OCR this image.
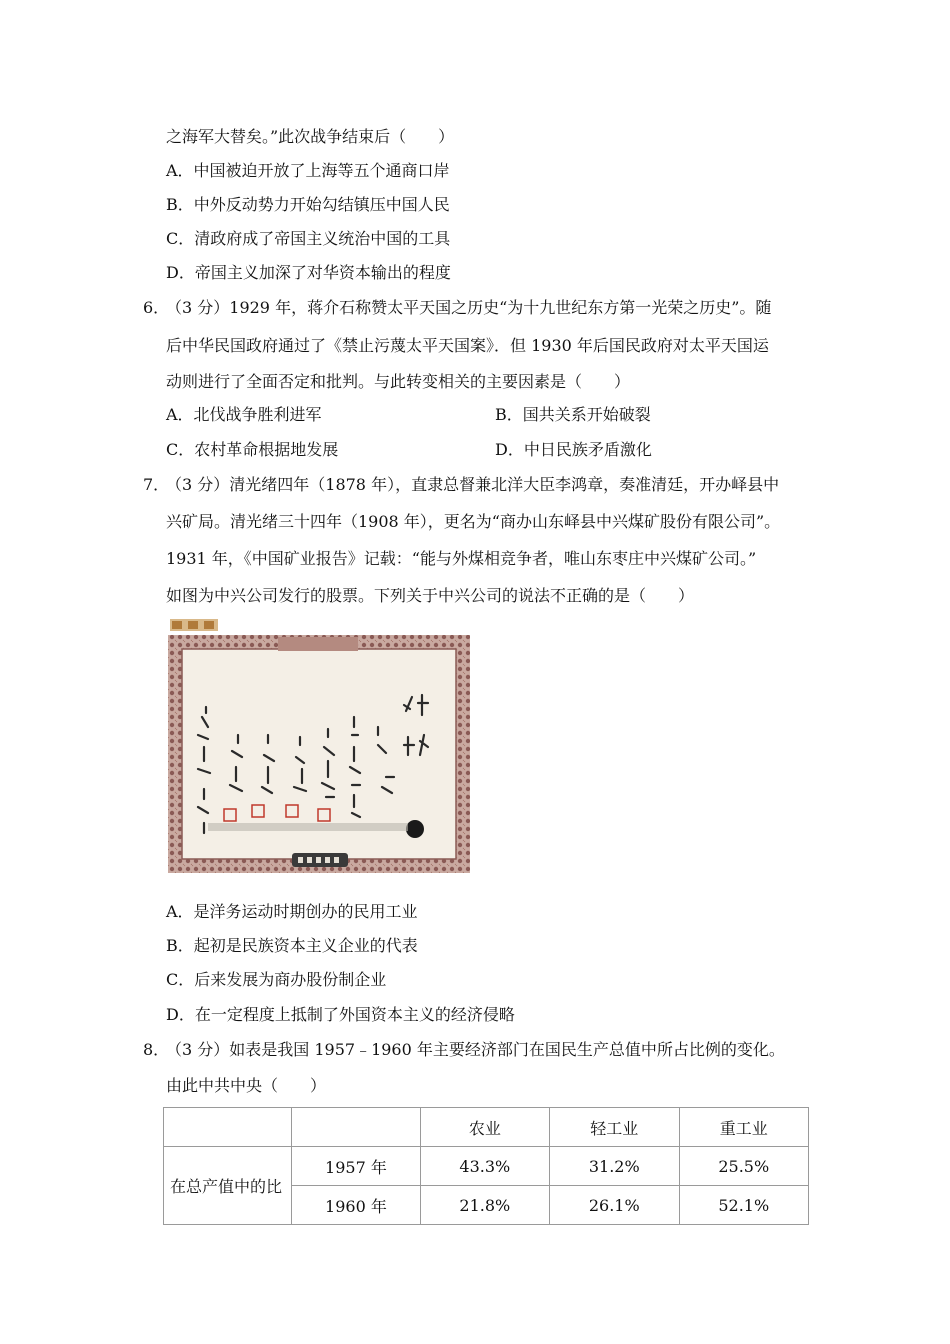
之海军大替矣。”此次战争结束后（　　）
A．中国被迫开放了上海等五个通商口岸
B．中外反动势力开始勾结镇压中国人民
C．清政府成了帝国主义统治中国的工具
D．帝国主义加深了对华资本输出的程度
6．
（3 分）1929 年，蒋介石称赞太平天国之历史“为十九世纪东方第一光荣之历史”。随
后中华民国政府通过了《禁止污蔑太平天国案》．但 1930 年后国民政府对太平天国运
动则进行了全面否定和批判。与此转变相关的主要因素是（　　）
A．北伐战争胜利进军	B．国共关系开始破裂
C．农村革命根据地发展	D．中日民族矛盾激化
7．
（3 分）清光绪四年（1878 年），直隶总督兼北洋大臣李鸿章，奏准清廷，开办峄县中
兴矿局。清光绪三十四年（1908 年），更名为“商办山东峄县中兴煤矿股份有限公司”。
1931 年，《中国矿业报告》记载：“能与外煤相竞争者，唯山东枣庄中兴煤矿公司。”
如图为中兴公司发行的股票。下列关于中兴公司的说法不正确的是（　　）
A．是洋务运动时期创办的民用工业
B．起初是民族资本主义企业的代表
C．后来发展为商办股份制企业
D．在一定程度上抵制了外国资本主义的经济侵略
8．
（3 分）如表是我国 1957﹣1960 年主要经济部门在国民生产总值中所占比例的变化。
由此中共中央（　　）
		农业	轻工业	重工业
在总产值中的比	1957 年	43.3%	31.2%	25.5%
	1960 年	21.8%	26.1%	52.1%
